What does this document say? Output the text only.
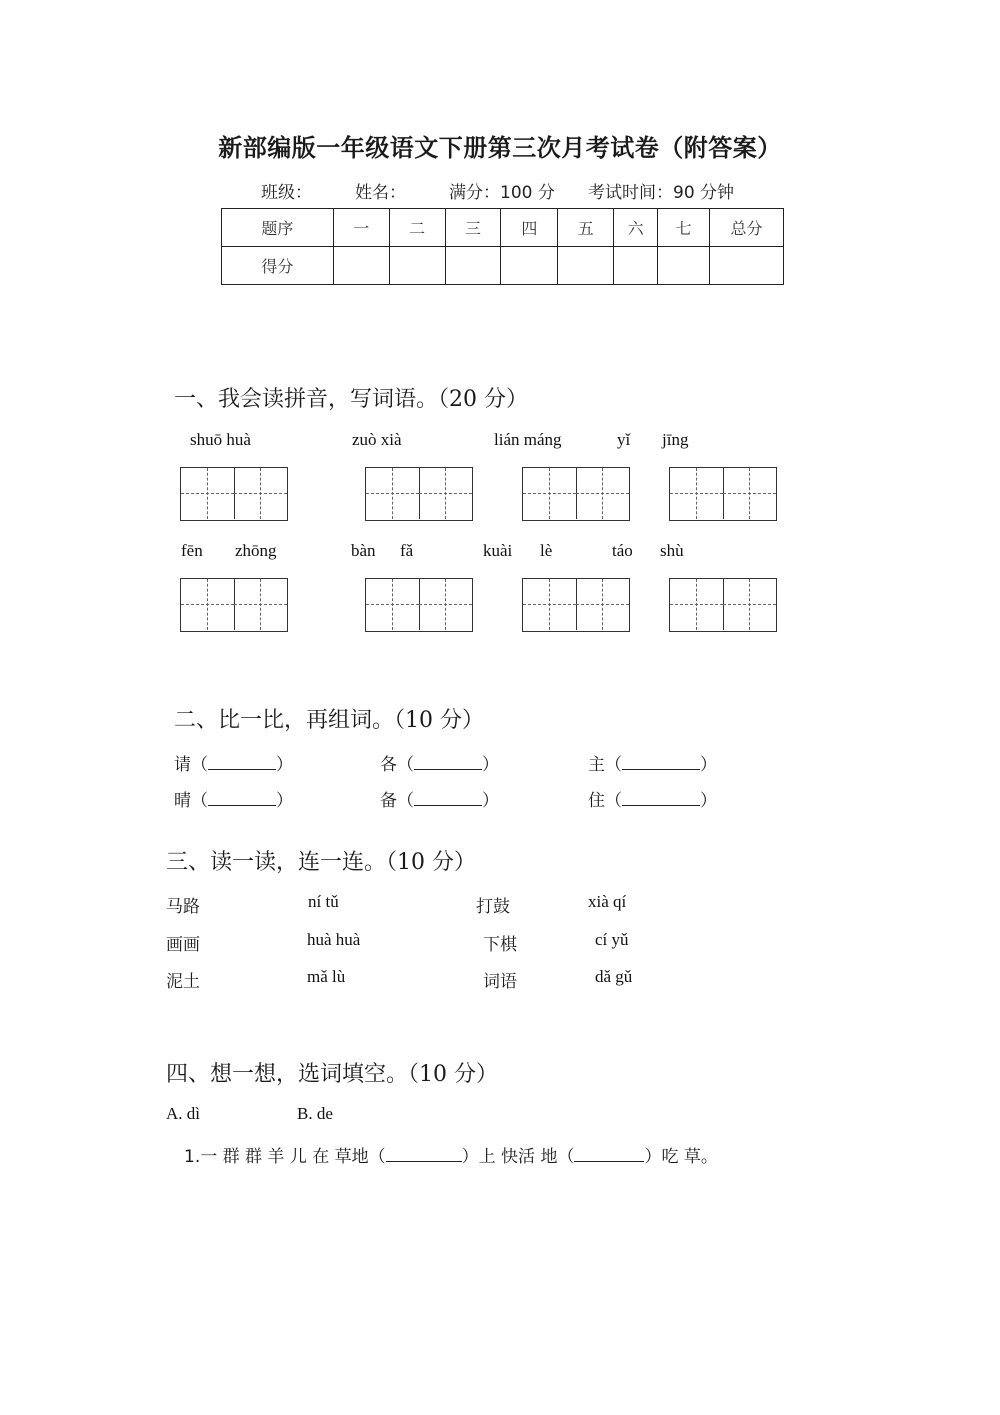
新部编版一年级语文下册第三次月考试卷（附答案）
班级：	姓名：	满分：100 分 考试时间：90 分钟
题序	一	二	三	四	五	六	七	总分
得分								
一、我会读拼音，写词语。（20 分）
shuō huà	zuò xià	lián máng	yǐ jīng
fēn zhōng	bàn fǎ	kuài lè	táo shù
二、比一比，再组词。（10 分）
请（	）	各（	）	主（	）
晴（	）	备（	）	住（	）
三、读一读，连一连。（10 分）
马路	ní tǔ	打鼓	xià qí
画画	huà huà	下棋	cí yǔ
泥土	mǎ lù	词语	dǎ gǔ
四、想一想，选词填空。（10 分）
A. dì	B. de
1.一 群 群 羊 儿 在 草地（	）上 快活 地（	）吃 草。
